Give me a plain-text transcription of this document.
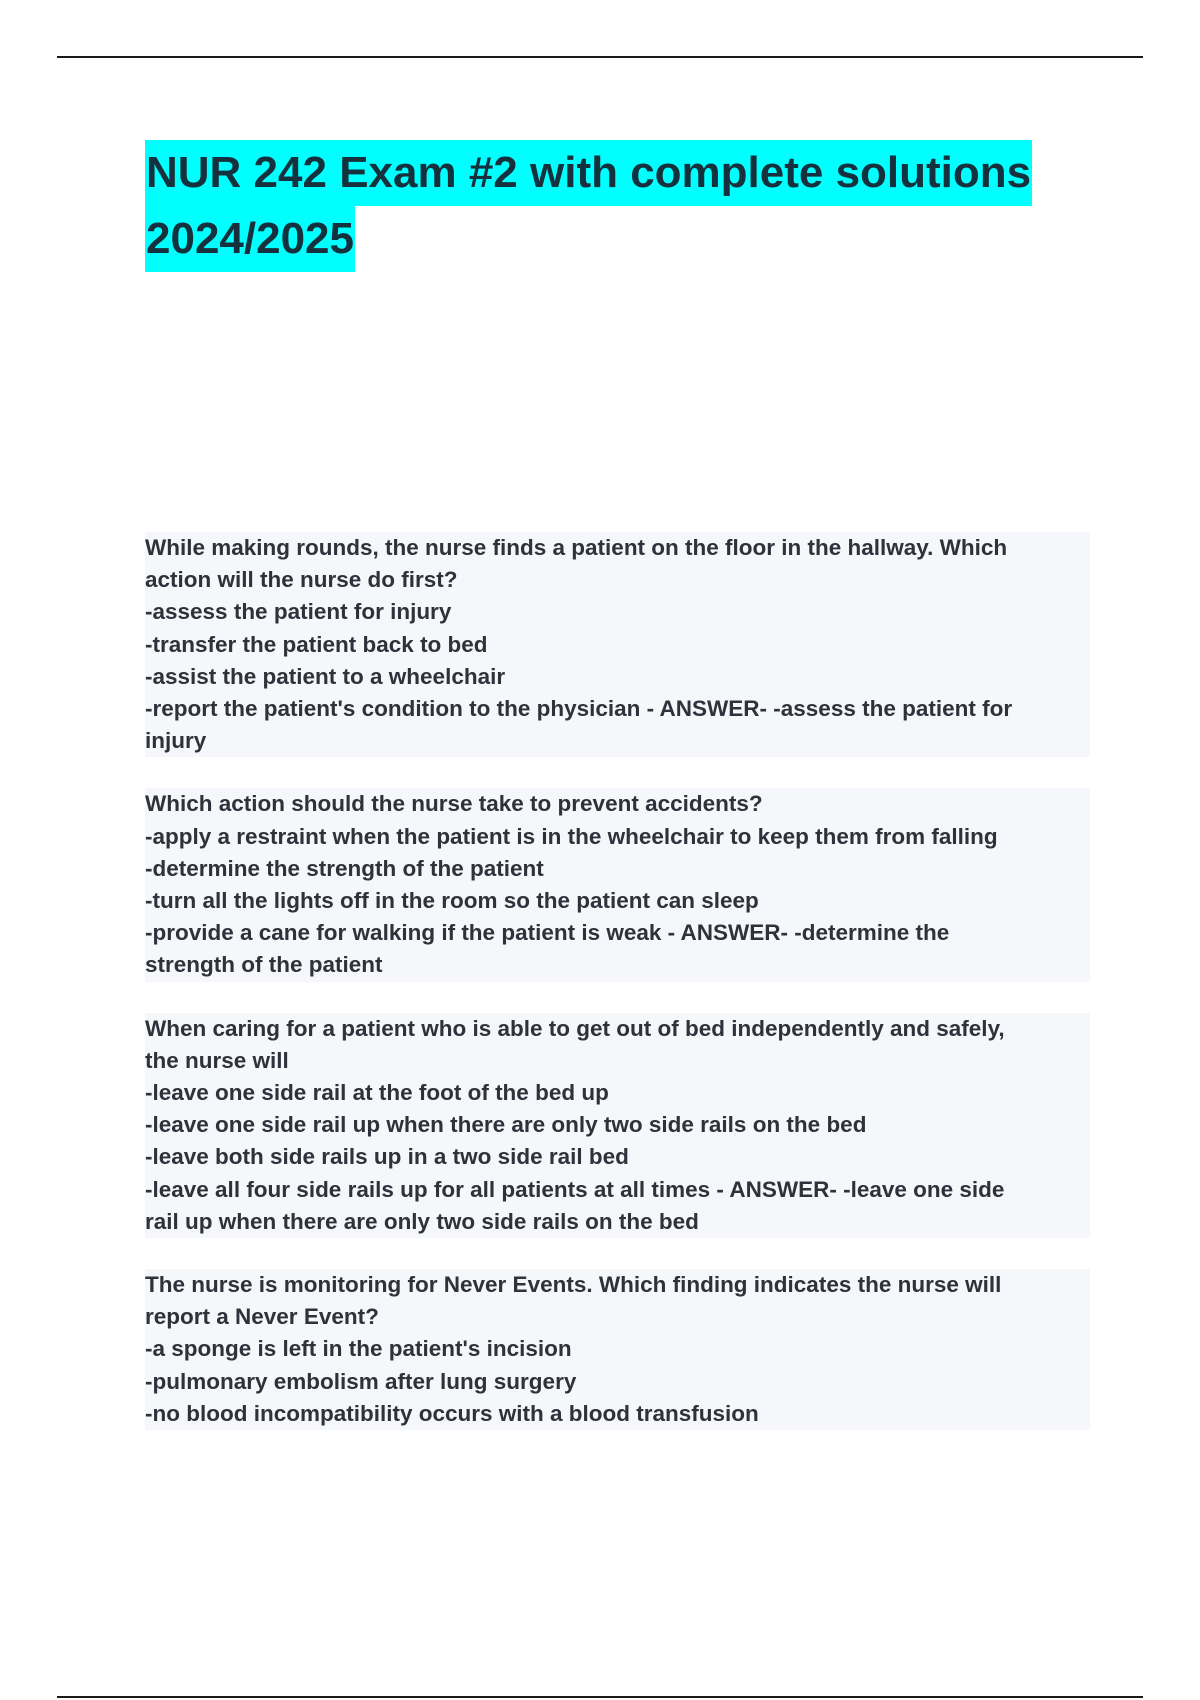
NUR 242 Exam #2 with complete solutions
2024/2025
While making rounds, the nurse finds a patient on the floor in the hallway. Which
action will the nurse do first?
-assess the patient for injury
-transfer the patient back to bed
-assist the patient to a wheelchair
-report the patient's condition to the physician - ANSWER- -assess the patient for
injury
Which action should the nurse take to prevent accidents?
-apply a restraint when the patient is in the wheelchair to keep them from falling
-determine the strength of the patient
-turn all the lights off in the room so the patient can sleep
-provide a cane for walking if the patient is weak - ANSWER- -determine the
strength of the patient
When caring for a patient who is able to get out of bed independently and safely,
the nurse will
-leave one side rail at the foot of the bed up
-leave one side rail up when there are only two side rails on the bed
-leave both side rails up in a two side rail bed
-leave all four side rails up for all patients at all times - ANSWER- -leave one side
rail up when there are only two side rails on the bed
The nurse is monitoring for Never Events. Which finding indicates the nurse will
report a Never Event?
-a sponge is left in the patient's incision
-pulmonary embolism after lung surgery
-no blood incompatibility occurs with a blood transfusion
